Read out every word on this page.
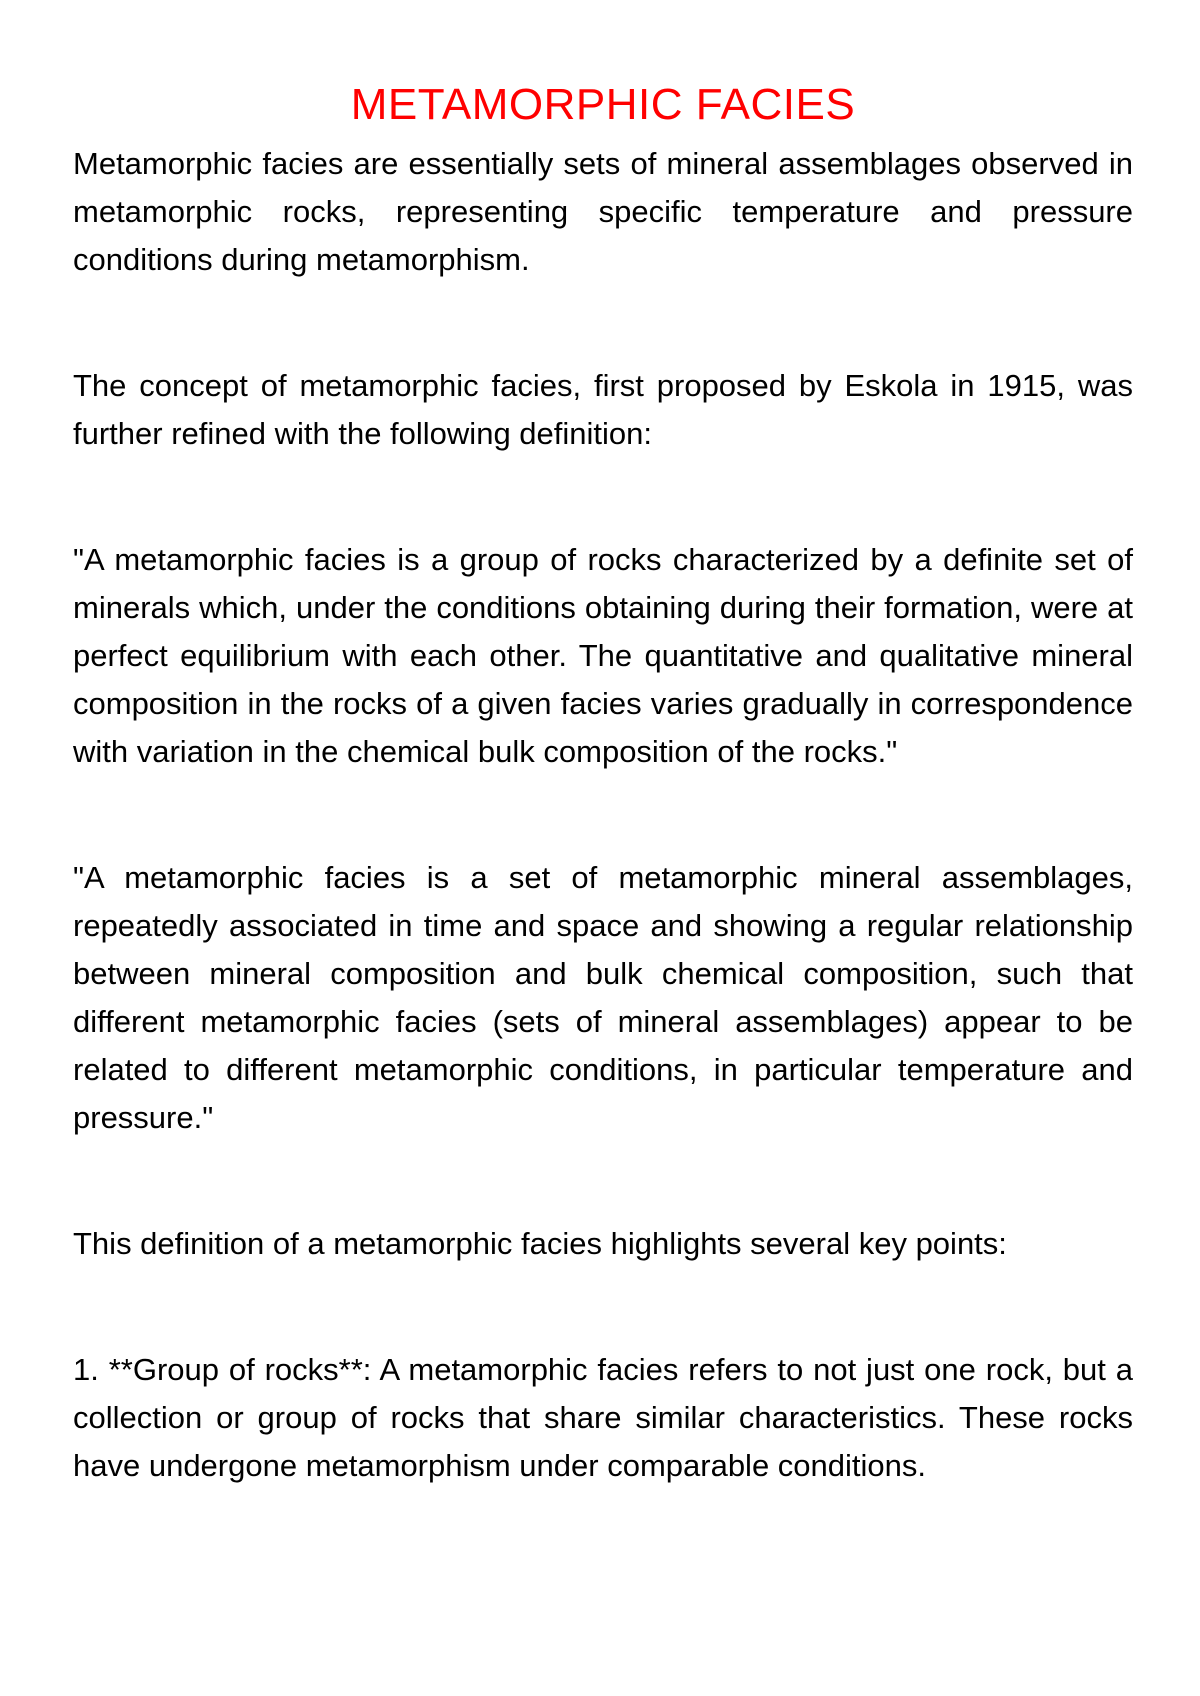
METAMORPHIC FACIES

Metamorphic facies are essentially sets of mineral assemblages observed in metamorphic rocks, representing specific temperature and pressure conditions during metamorphism.

The concept of metamorphic facies, first proposed by Eskola in 1915, was further refined with the following definition:

"A metamorphic facies is a group of rocks characterized by a definite set of minerals which, under the conditions obtaining during their formation, were at perfect equilibrium with each other. The quantitative and qualitative mineral composition in the rocks of a given facies varies gradually in correspondence with variation in the chemical bulk composition of the rocks."

"A metamorphic facies is a set of metamorphic mineral assemblages, repeatedly associated in time and space and showing a regular relationship between mineral composition and bulk chemical composition, such that different metamorphic facies (sets of mineral assemblages) appear to be related to different metamorphic conditions, in particular temperature and pressure."

This definition of a metamorphic facies highlights several key points:

1. **Group of rocks**: A metamorphic facies refers to not just one rock, but a collection or group of rocks that share similar characteristics. These rocks have undergone metamorphism under comparable conditions.
